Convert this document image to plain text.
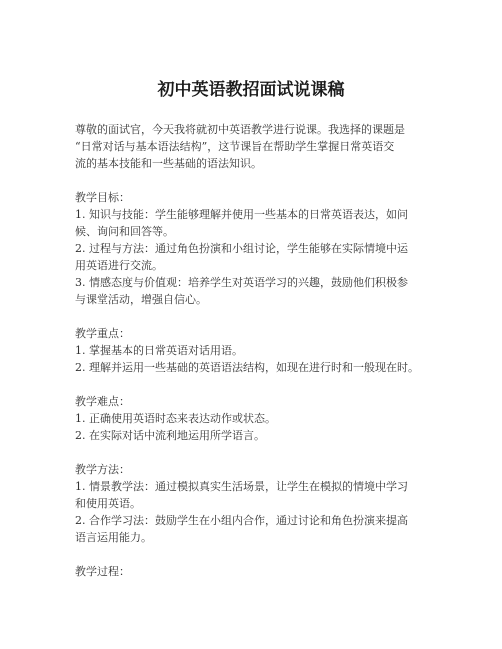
初中英语教招面试说课稿

尊敬的面试官，今天我将就初中英语教学进行说课。我选择的课题是

“日常对话与基本语法结构”，这节课旨在帮助学生掌握日常英语交

流的基本技能和一些基础的语法知识。

教学目标：

1. 知识与技能：学生能够理解并使用一些基本的日常英语表达，如问

候、询问和回答等。

2. 过程与方法：通过角色扮演和小组讨论，学生能够在实际情境中运

用英语进行交流。

3. 情感态度与价值观：培养学生对英语学习的兴趣，鼓励他们积极参

与课堂活动，增强自信心。

教学重点：

1. 掌握基本的日常英语对话用语。

2. 理解并运用一些基础的英语语法结构，如现在进行时和一般现在时。

教学难点：

1. 正确使用英语时态来表达动作或状态。

2. 在实际对话中流利地运用所学语言。

教学方法：

1. 情景教学法：通过模拟真实生活场景，让学生在模拟的情境中学习

和使用英语。

2. 合作学习法：鼓励学生在小组内合作，通过讨论和角色扮演来提高

语言运用能力。

教学过程：
